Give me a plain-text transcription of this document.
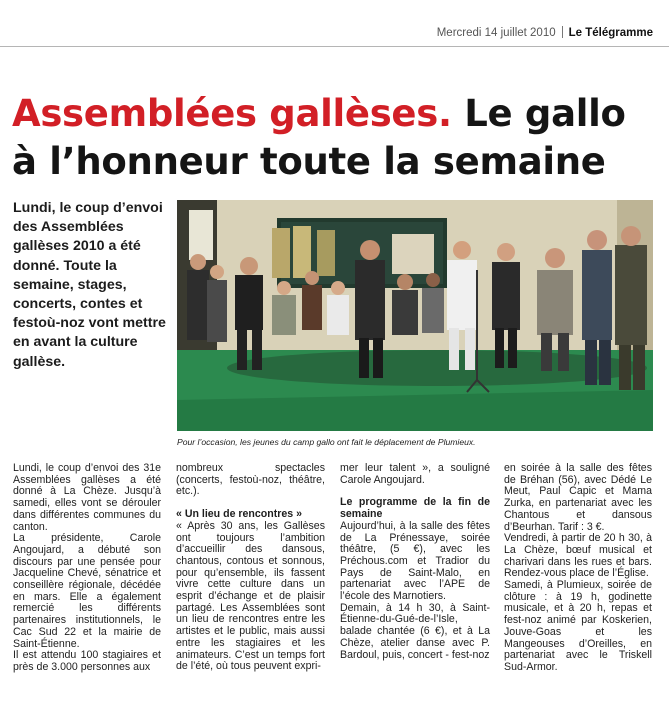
Mercredi 14 juillet 2010 Le Télégramme
Assemblées gallèses. Le gallo à l’honneur toute la semaine
Lundi, le coup d’envoi des Assemblées gallèses 2010 a été donné. Toute la semaine, stages, concerts, contes et festoù-noz vont mettre en avant la culture gallèse.
Pour l’occasion, les jeunes du camp gallo ont fait le déplacement de Plumieux.

Lundi, le coup d’envoi des 31e Assemblées gallèses a été donné à La Chèze. Jusqu’à samedi, elles vont se dérouler dans différentes communes du canton.

La présidente, Carole Angoujard, a débuté son discours par une pensée pour Jacqueline Chevé, sénatrice et conseillère régionale, décédée en mars. Elle a également remercié les différents partenaires institutionnels, le Cac Sud 22 et la mairie de Saint-Étienne.

Il est attendu 100 stagiaires et près de 3.000 personnes aux

nombreux spectacles (concerts, festoù-noz, théâtre, etc.).

« Un lieu de rencontres »

« Après 30 ans, les Gallèses ont toujours l’ambition d’accueillir des dansous, chantous, contous et sonnous, pour qu’ensemble, ils fassent vivre cette culture dans un esprit d’échange et de plaisir partagé. Les Assemblées sont un lieu de rencontres entre les artistes et le public, mais aussi entre les stagiaires et les animateurs. C’est un temps fort de l’été, où tous peuvent expri-

mer leur talent », a souligné Carole Angoujard.

Le programme de la fin de semaine

Aujourd’hui, à la salle des fêtes de La Prénessaye, soirée théâtre, (5 €), avec les Préchous.com et Tradior du Pays de Saint-Malo, en partenariat avec l’APE de l’école des Marnotiers.

Demain, à 14 h 30, à Saint-Étienne-du-Gué-de-l’Isle, balade chantée (6 €), et à La Chèze, atelier danse avec P. Bardoul, puis, concert - fest-noz

en soirée à la salle des fêtes de Bréhan (56), avec Dédé Le Meut, Paul Capic et Mama Zurka, en partenariat avec les Chantous et dansous d’Beurhan. Tarif : 3 €.

Vendredi, à partir de 20 h 30, à La Chèze, bœuf musical et charivari dans les rues et bars. Rendez-vous place de l’Église.

Samedi, à Plumieux, soirée de clôture : à 19 h, godinette musicale, et à 20 h, repas et fest-noz animé par Koskerien, Jouve-Goas et les Mangeouses d’Oreilles, en partenariat avec le Triskell Sud-Armor.
